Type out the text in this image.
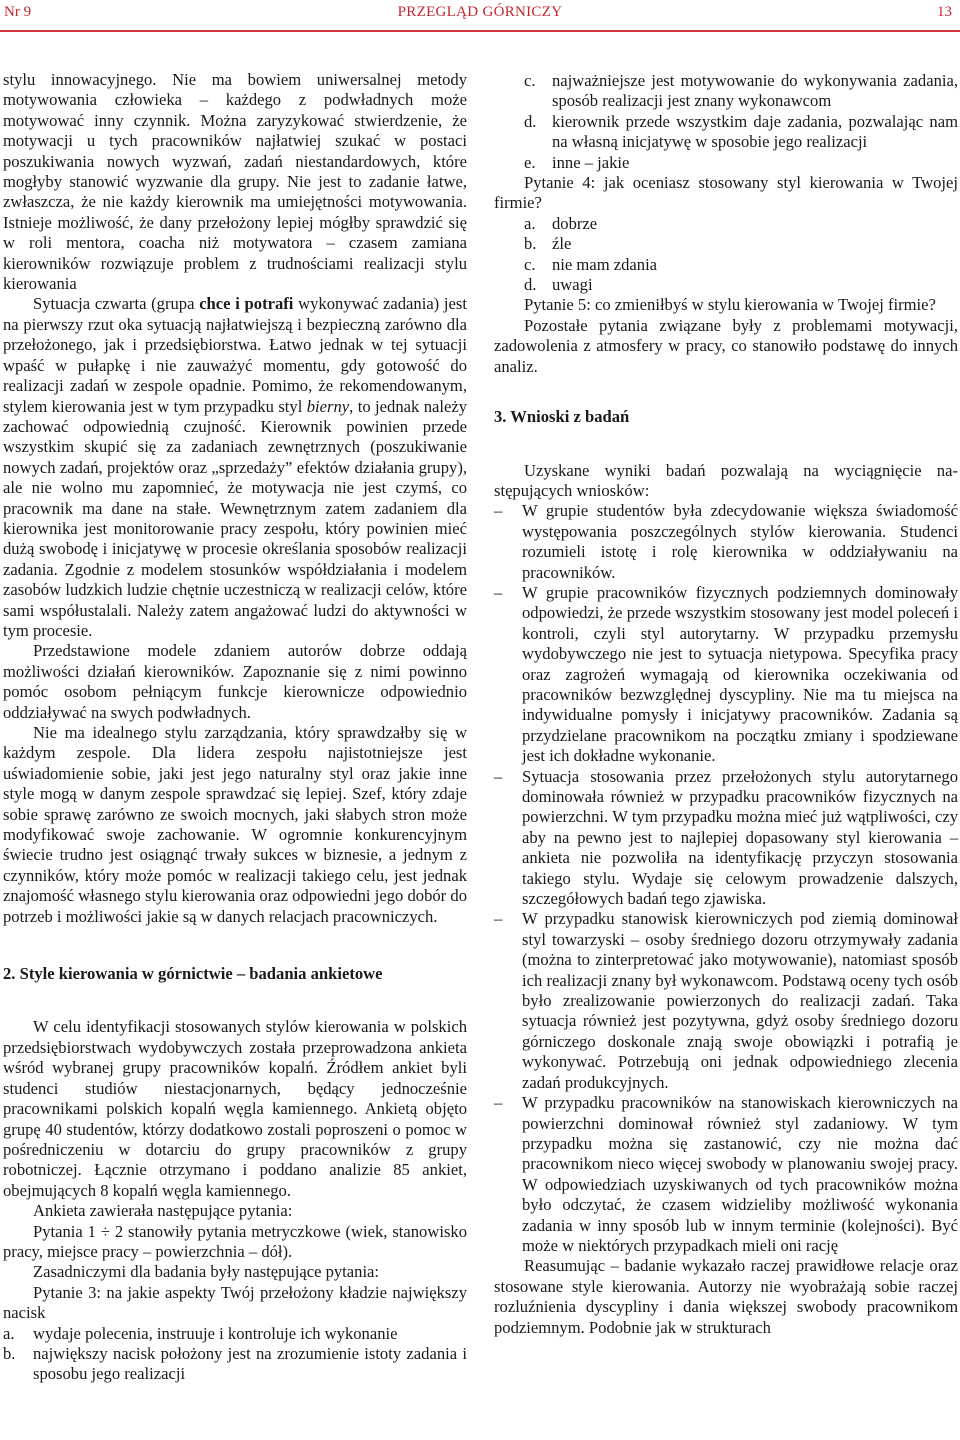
Nr 9	PRZEGLĄD GÓRNICZY	13

stylu innowacyjnego. Nie ma bowiem uniwersalnej metody motywowania człowieka – każdego z podwładnych może motywować inny czynnik. Można zaryzykować stwierdzenie, że motywacji u tych pracowników najłatwiej szukać w postaci poszukiwania nowych wyzwań, zadań niestandardowych, które mogłyby stanowić wyzwanie dla grupy. Nie jest to zadanie łatwe, zwłaszcza, że nie każdy kierownik ma umiejętności motywowania. Istnieje możliwość, że dany przełożony lepiej mógłby sprawdzić się w roli mentora, coacha niż motywatora – czasem zamiana kierowników rozwiązuje problem z trudnościami realizacji stylu kierowania

Sytuacja czwarta (grupa chce i potrafi wykonywać zadania) jest na pierwszy rzut oka sytuacją najłatwiejszą i bezpieczną zarówno dla przełożonego, jak i przedsiębiorstwa. Łatwo jednak w tej sytuacji wpaść w pułapkę i nie zauważyć momentu, gdy gotowość do realizacji zadań w zespole opadnie. Pomimo, że rekomendowanym, stylem kierowania jest w tym przypadku styl bierny, to jednak należy zachować odpowiednią czujność. Kierownik powinien przede wszystkim skupić się za zadaniach zewnętrznych (poszukiwanie nowych zadań, projektów oraz „sprzedaży” efektów działania grupy), ale nie wolno mu zapomnieć, że motywacja nie jest czymś, co pracownik ma dane na stałe. Wewnętrznym zatem zadaniem dla kierownika jest monitorowanie pracy zespołu, który powinien mieć dużą swobodę i inicjatywę w procesie określania sposobów realizacji zadania. Zgodnie z modelem stosunków współdziałania i modelem zasobów ludzkich ludzie chętnie uczestniczą w realizacji celów, które sami współustalali. Należy zatem angażować ludzi do aktywności w tym procesie.

Przedstawione modele zdaniem autorów dobrze oddają możliwości działań kierowników. Zapoznanie się z nimi powinno pomóc osobom pełniącym funkcje kierownicze odpowiednio oddziaływać na swych podwładnych.

Nie ma idealnego stylu zarządzania, który sprawdzałby się w każdym zespole. Dla lidera zespołu najistotniejsze jest uświadomienie sobie, jaki jest jego naturalny styl oraz jakie inne style mogą w danym zespole sprawdzać się lepiej. Szef, który zdaje sobie sprawę zarówno ze swoich mocnych, jaki słabych stron może modyfikować swoje zachowanie. W ogromnie konkurencyjnym świecie trudno jest osiągnąć trwały sukces w biznesie, a jednym z czynników, który może pomóc w realizacji takiego celu, jest jednak znajomość własnego stylu kierowania oraz odpowiedni jego dobór do potrzeb i możliwości jakie są w danych relacjach pracowniczych.

2. Style kierowania w górnictwie – badania ankietowe

W celu identyfikacji stosowanych stylów kierowania w polskich przedsiębiorstwach wydobywczych została przeprowadzona ankieta wśród wybranej grupy pracowników kopalń. Źródłem ankiet byli studenci studiów niestacjonarnych, będący jednocześnie pracownikami polskich kopalń węgla kamiennego. Ankietą objęto grupę 40 studentów, którzy dodatkowo zostali poproszeni o pomoc w pośredniczeniu w dotarciu do grupy pracowników z grupy robotniczej. Łącznie otrzymano i poddano analizie 85 ankiet, obejmujących 8 kopalń węgla kamiennego.

Ankieta zawierała następujące pytania:

Pytania 1 ÷ 2 stanowiły pytania metryczkowe (wiek, stanowisko pracy, miejsce pracy – powierzchnia – dół).

Zasadniczymi dla badania były następujące pytania:

Pytanie 3: na jakie aspekty Twój przełożony kładzie największy nacisk

a. wydaje polecenia, instruuje i kontroluje ich wykonanie
b. największy nacisk położony jest na zrozumienie istoty zadania i sposobu jego realizacji
c. najważniejsze jest motywowanie do wykonywania zadania, sposób realizacji jest znany wykonawcom
d. kierownik przede wszystkim daje zadania, pozwalając nam na własną inicjatywę w sposobie jego realizacji
e. inne – jakie

Pytanie 4: jak oceniasz stosowany styl kierowania w Twojej firmie?

a. dobrze
b. źle
c. nie mam zdania
d. uwagi

Pytanie 5: co zmieniłbyś w stylu kierowania w Twojej firmie?

Pozostałe pytania związane były z problemami motywacji, zadowolenia z atmosfery w pracy, co stanowiło podstawę do innych analiz.

3. Wnioski z badań

Uzyskane wyniki badań pozwalają na wyciągnięcie następujących wniosków:

– W grupie studentów była zdecydowanie większa świadomość występowania poszczególnych stylów kierowania. Studenci rozumieli istotę i rolę kierownika w oddziaływaniu na pracowników.
– W grupie pracowników fizycznych podziemnych dominowały odpowiedzi, że przede wszystkim stosowany jest model poleceń i kontroli, czyli styl autorytarny. W przypadku przemysłu wydobywczego nie jest to sytuacja nietypowa. Specyfika pracy oraz zagrożeń wymagają od kierownika oczekiwania od pracowników bezwzględnej dyscypliny. Nie ma tu miejsca na indywidualne pomysły i inicjatywy pracowników. Zadania są przydzielane pracownikom na początku zmiany i spodziewane jest ich dokładne wykonanie.
– Sytuacja stosowania przez przełożonych stylu autorytarnego dominowała również w przypadku pracowników fizycznych na powierzchni. W tym przypadku można mieć już wątpliwości, czy aby na pewno jest to najlepiej dopasowany styl kierowania – ankieta nie pozwoliła na identyfikację przyczyn stosowania takiego stylu. Wydaje się celowym prowadzenie dalszych, szczegółowych badań tego zjawiska.
– W przypadku stanowisk kierowniczych pod ziemią dominował styl towarzyski – osoby średniego dozoru otrzymywały zadania (można to zinterpretować jako motywowanie), natomiast sposób ich realizacji znany był wykonawcom. Podstawą oceny tych osób było zrealizowanie powierzonych do realizacji zadań. Taka sytuacja również jest pozytywna, gdyż osoby średniego dozoru górniczego doskonale znają swoje obowiązki i potrafią je wykonywać. Potrzebują oni jednak odpowiedniego zlecenia zadań produkcyjnych.
– W przypadku pracowników na stanowiskach kierowniczych na powierzchni dominował również styl zadaniowy. W tym przypadku można się zastanowić, czy nie można dać pracownikom nieco więcej swobody w planowaniu swojej pracy. W odpowiedziach uzyskiwanych od tych pracowników można było odczytać, że czasem widzieliby możliwość wykonania zadania w inny sposób lub w innym terminie (kolejności). Być może w niektórych przypadkach mieli oni rację

Reasumując – badanie wykazało raczej prawidłowe relacje oraz stosowane style kierowania. Autorzy nie wyobrażają sobie raczej rozluźnienia dyscypliny i dania większej swobody pracownikom podziemnym. Podobnie jak w strukturach
